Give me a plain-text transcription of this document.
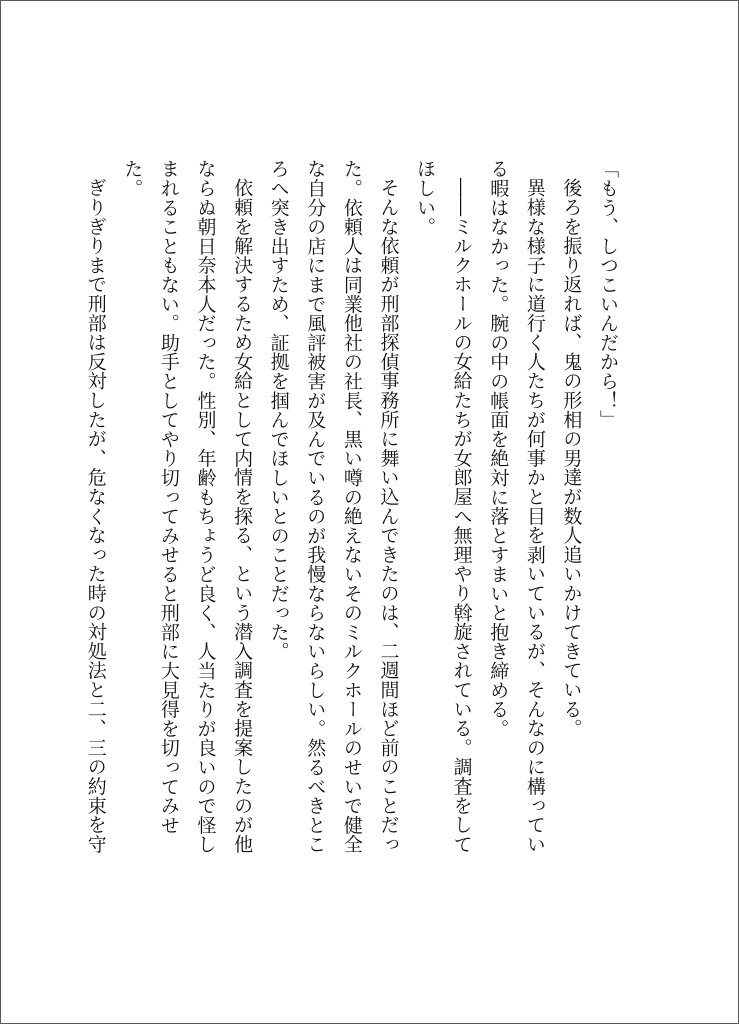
「もう、しつこいんだから！」
後ろを振り返れば、鬼の形相の男達が数人追いかけてきている。
異様な様子に道行く人たちが何事かと目を剥いているが、そんなのに構ってい
る暇はなかった。腕の中の帳面を絶対に落とすまいと抱き締める。
――ミルクホールの女給たちが女郎屋へ無理やり斡旋されている。調査をして
ほしい。
そんな依頼が刑部探偵事務所に舞い込んできたのは、二週間ほど前のことだっ
た。依頼人は同業他社の社長、黒い噂の絶えないそのミルクホールのせいで健全
な自分の店にまで風評被害が及んでいるのが我慢ならないらしい。然るべきとこ
ろへ突き出すため、証拠を掴んでほしいとのことだった。
依頼を解決するため女給として内情を探る、という潜入調査を提案したのが他
ならぬ朝日奈本人だった。性別、年齢もちょうど良く、人当たりが良いので怪し
まれることもない。助手としてやり切ってみせると刑部に大見得を切ってみせ
た。
ぎりぎりまで刑部は反対したが、危なくなった時の対処法と二、三の約束を守
